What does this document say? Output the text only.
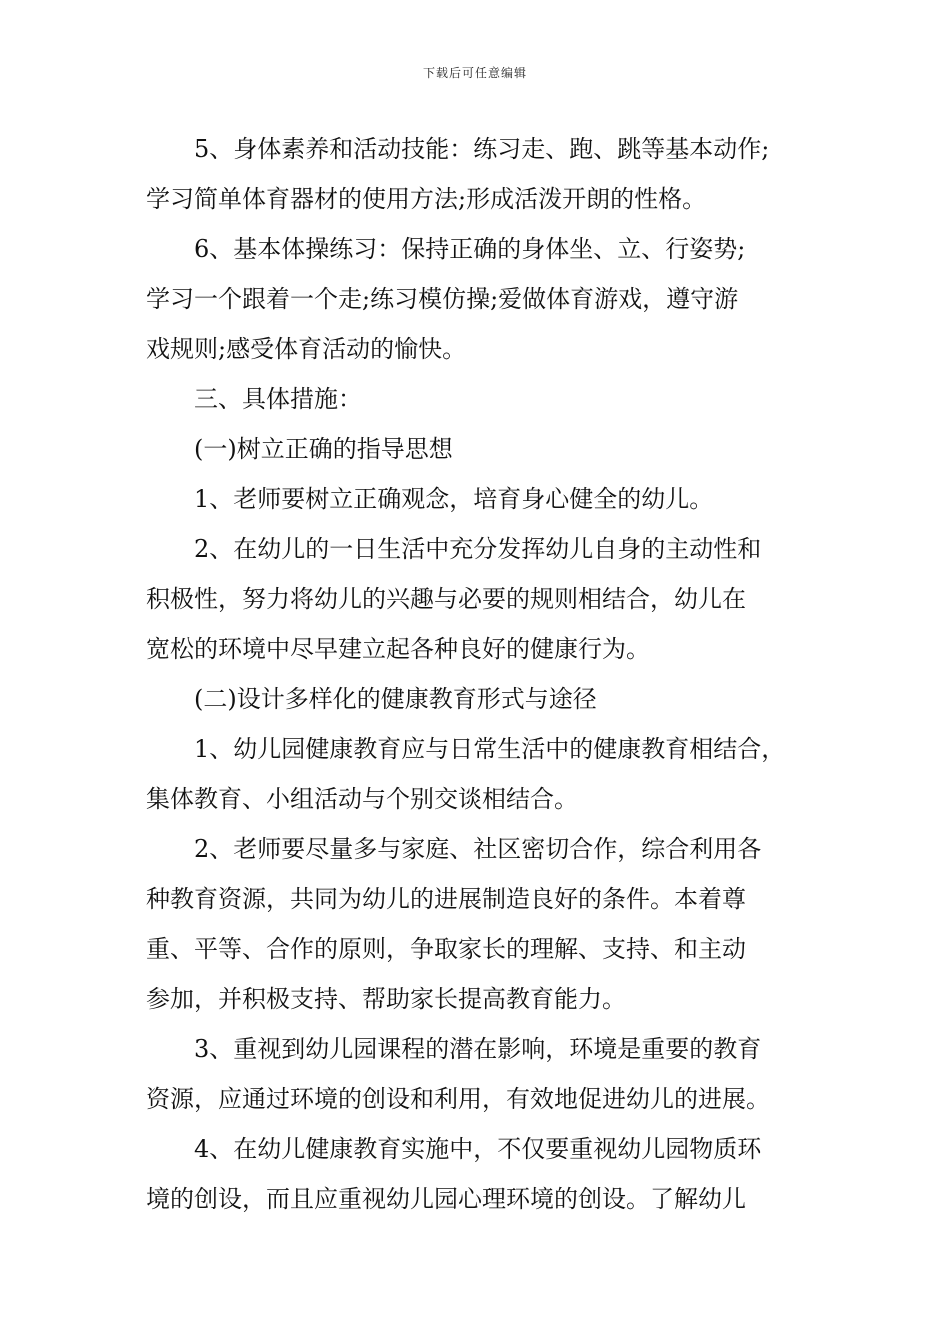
下载后可任意编辑
5、身体素养和活动技能：练习走、跑、跳等基本动作;
学习简单体育器材的使用方法;形成活泼开朗的性格。
6、基本体操练习：保持正确的身体坐、立、行姿势;
学习一个跟着一个走;练习模仿操;爱做体育游戏，遵守游
戏规则;感受体育活动的愉快。
三、具体措施：
(一)树立正确的指导思想
1、老师要树立正确观念，培育身心健全的幼儿。
2、在幼儿的一日生活中充分发挥幼儿自身的主动性和
积极性，努力将幼儿的兴趣与必要的规则相结合，幼儿在
宽松的环境中尽早建立起各种良好的健康行为。
(二)设计多样化的健康教育形式与途径
1、幼儿园健康教育应与日常生活中的健康教育相结合，
集体教育、小组活动与个别交谈相结合。
2、老师要尽量多与家庭、社区密切合作，综合利用各
种教育资源，共同为幼儿的进展制造良好的条件。本着尊
重、平等、合作的原则，争取家长的理解、支持、和主动
参加，并积极支持、帮助家长提高教育能力。
3、重视到幼儿园课程的潜在影响，环境是重要的教育
资源，应通过环境的创设和利用，有效地促进幼儿的进展。
4、在幼儿健康教育实施中，不仅要重视幼儿园物质环
境的创设，而且应重视幼儿园心理环境的创设。了解幼儿
